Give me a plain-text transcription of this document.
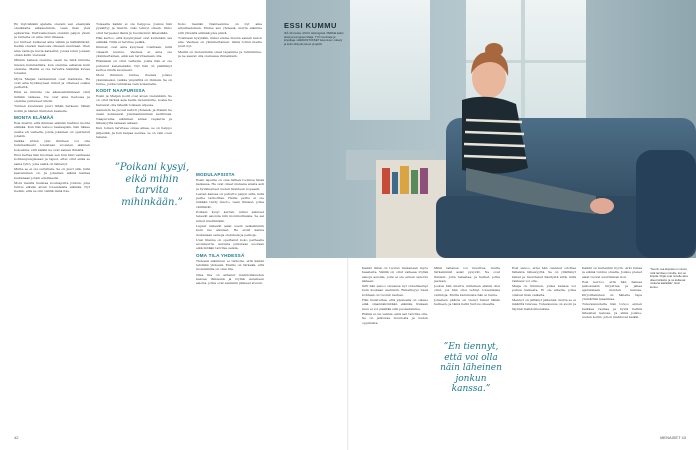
En mytokkään ajatelle olevani sen enempää oheikkaita aikaisemmin, vaan ihan yleä epävarma. Partioaikonaan olenkin paljon yksin ja tunteita on aina ollut ilmassa.

Jos tunteet kulkevat aina vähän ja hätkähtävät, tiedän olevani menossa oikeaan suuntaan. Olen aina vanhoja kuvia katsellut, joissa istun jossain oman äidin vieressä.

Minkin kanssa olemme usein ne mitä minulle mielen kummallista, kun olemme sellaisia kuin olemme. Meillä ei ole tarvetta kääntää kuvaa toiseksi.

Myös Maijan vanhemmat ovat mahtavia. He ovat aina hyväksyneet minut ja ottaneet osaksi perhettä.

Eikä se minulle ole aikaisemminkaan ollut mitään vaikeaa. Ne ovat aina tiedossa ja olemme puhuneet niistä.

Tunnen kuuluvani juuri tähän hetkeen, tähän kotiin ja näiden ihmisten keskelle.

MONTA ELÄMÄÄ

Essi miettii, että ihmisen elämän mahtuu monta elämää. Kun hän katsoo taaksepäin, hän näkee useita eri vaiheita, joista jokainen on opettanut jotakin.

Vaikka sitten yksi ihminen voi olla kummallisesti toisistaan eroavien elämien kokoelma, silti kaikki ne ovat samaa ihmistä.

Ensi kertaa hän huomasi sen kun kävi vanhassa kotikaupungissaan ja tajusi, ettei ollut enää se sama tyttö, joka sieltä oli lähtenyt.

Mutta se ei ole surullista. Se on juuri sitä, mitä kasvaminen on. Ja jokainen elämä kantaa mukanaan jotain edellisestä.

Moni meistä muistaa kouluajoilta jonkun, joka tuntui elävän aivan toisenlaista elämää. Nyt tiedän, että se olin välillä minä itse.

Toisaalta kaikki ei ole helppoa. Joskus hän pysähtyy ja miettii, onko tehnyt oikein. Onko ollut tarpeeksi läsnä ja huomioinut läheisiään.

Hän kertoo, että kysymykset ovat kuitenkin osa elämää. Niitä ei tarvitse pelätä.

Ihmiset ovat aina kysyneet toisiltaan, mitä oikeasti kuuluu. Vastaus ei aina ole yksinkertainen, eikä sen tarvitsekaan olla.

Elämässä on ollut vaiheita, joista hän ei ole puhunut kenellekään. Nyt hän on päättänyt kertoa niistä avoimesti.

Moni ihminen tuntee itsensä joskus yksinäiseksi, vaikka ympärillä on ihmisiä. Se on tunne, jonka tunnistaa vain kokemalla.

KODIT NAAPURISSA

Essin ja Maijan kodit ovat aivan vierekkäin. Se on ollut tärkeä asia heille molemmille, koska he haluavat olla lähellä toisiaan arjessa.

Aamuisin he juovat kahvit yhdessä, ja iltaisin he usein kokkaavat jommankumman keittiössä. Naapureina eläminen antaa vapautta ja läheisyyttä samaan aikaan.

Kun toinen tarvitsee omaa aikaa, se on helppo järjestää. Ja kun kaipaa seuraa, se on vain oven takana.

Koko meidän tilanteemme on nyt aika ainutlaatuinen. Emme asu yhdessä, mutta elämme silti yhteistä elämää joka päivä.

Toisinaan kysytään, miksi emme muuta saman katon alle. Vastaus on yksinkertainen: tämä toimii meille juuri nyt.

Meillä on molemmilla omat tapamme ja rutiinimme, ja ne saavat olla olemassa rinnakkain.

”Poikani kysyi, eikö mihin tarvita mihinkään.”
MODULAPSISTA

Essin lapsilla on oma tärkeä roolinsa tässä kaikessa. He ovat olleet mukana alusta asti ja hyväksyneet uuden tilanteen nopeasti.

Lasten kanssa on puhuttu paljon siitä, mitä perhe tarkoittaa. Heille perhe ei ole mikään tietty muoto, vaan ihmiset, jotka välittävät.

Poikani kysyi kerran, miksi aikuiset tekevät asioista niin monimutkaisia. Se sai minut miettimään.

Lapset näkevät asiat usein selkeämmin kuin me aikuiset. He eivät kanna mukanaan samoja oletuksia ja pelkoja.

Uusi tilanne on opettanut koko perheelle avoimuutta. Asioista puhutaan suoraan eikä mitään tarvitse salata.

OMA TILA YHDESSÄ

Yhdessä eläminen ei tarkoita, että kaikki tehdään yhdessä. Essille on tärkeää, että molemmilla on oma tila.

Oma tila on antanut mahdollisuuden kasvaa ihmisenä ja löytää uudelleen asioita, jotka ovat aiemmin jääneet sivuun.

42
ESSI KUMMU
IKÄ 40 vuotta. ASUU Helsingissä. PERHE kaksi lasta ja kumppani Maija. TYÖ toimittaja ja kirjoittaja. HARRASTUKSET lukeminen, kävely ja kotiin liittyvät pienet projektit.

Kaikki tämä on tuonut mukanaan myös haasteita. Välillä on ollut vaikeaa löytää sanoja asioille, joita ei ole ennen sanottu ääneen.

Silti hän sanoo olevansa nyt onnellisempi kuin koskaan aiemmin. Rehellisyys itseä kohtaan on tuonut rauhan.

Hän muistuttaa, että jokaisella on oikeus elää omannäköistään elämää. Kukaan muu ei voi päättää sitä puolestamme.

Elämä ei ole valmis, eikä sen tarvitse olla. Se on jatkuvaa muutosta ja uuden oppimista.

Mikä tahansa voi muuttua, mutta tärkeimmät asiat pysyvät. Ne ovat ihmiset, joita rakastaa, ja hetket, jotka jaetaan.

Joskus hän miettii, millainen elämä olisi ollut, jos hän olisi tehnyt toisenlaisia valintoja. Mutta katumusta hän ei tunne.

Jokainen päätös on vienyt hänet tähän hetkeen, ja tämä hetki tuntuu oikealta.

”En tiennyt, että voi olla näin läheinen jonkun kanssa.”

Essi sanoo, ettei hän osannut odottaa tällaista läheisyyttä. Se on yllättänyt hänet ja muuttanut käsitystä siitä, mitä rakkaus voi olla.

Maija on ihminen, jonka kanssa voi puhua kaikesta. Ei ole aiheita, jotka olisivat liian vaikeita.

Mennyt on jättänyt jälkensä, mutta se ei määritä tulevaa. Tulevaisuus on avoin ja täynnä mahdollisuuksia.

Kaikki on kuitenkin hyvin. Arki rullaa ja elämä tuntuu omalta. Joskus pienet asiat tuovat suurimman ilon.

Essi kertoo, että hän haluaa jatkossakin kirjoittaa ja jakaa ajatuksiaan muiden kanssa. Kirjoittaminen on hänelle tapa ymmärtää maailmaa.

Tulevaisuudelta hän toivoo ennen kaikkea rauhaa ja hyviä hetkiä läheisten kanssa. Ja ehkä joskus, uuden kodin, johon mahtuvat kaikki.

”Suurin osa kirjoista on minun, mitä tarvitsen minulle, kun en kirjoita. Kirjat ovat minulle aina olleet tärkeitä, ja ne kulkevat mukana kaikkialle”, Essi kertoo.
MENAISET 43
